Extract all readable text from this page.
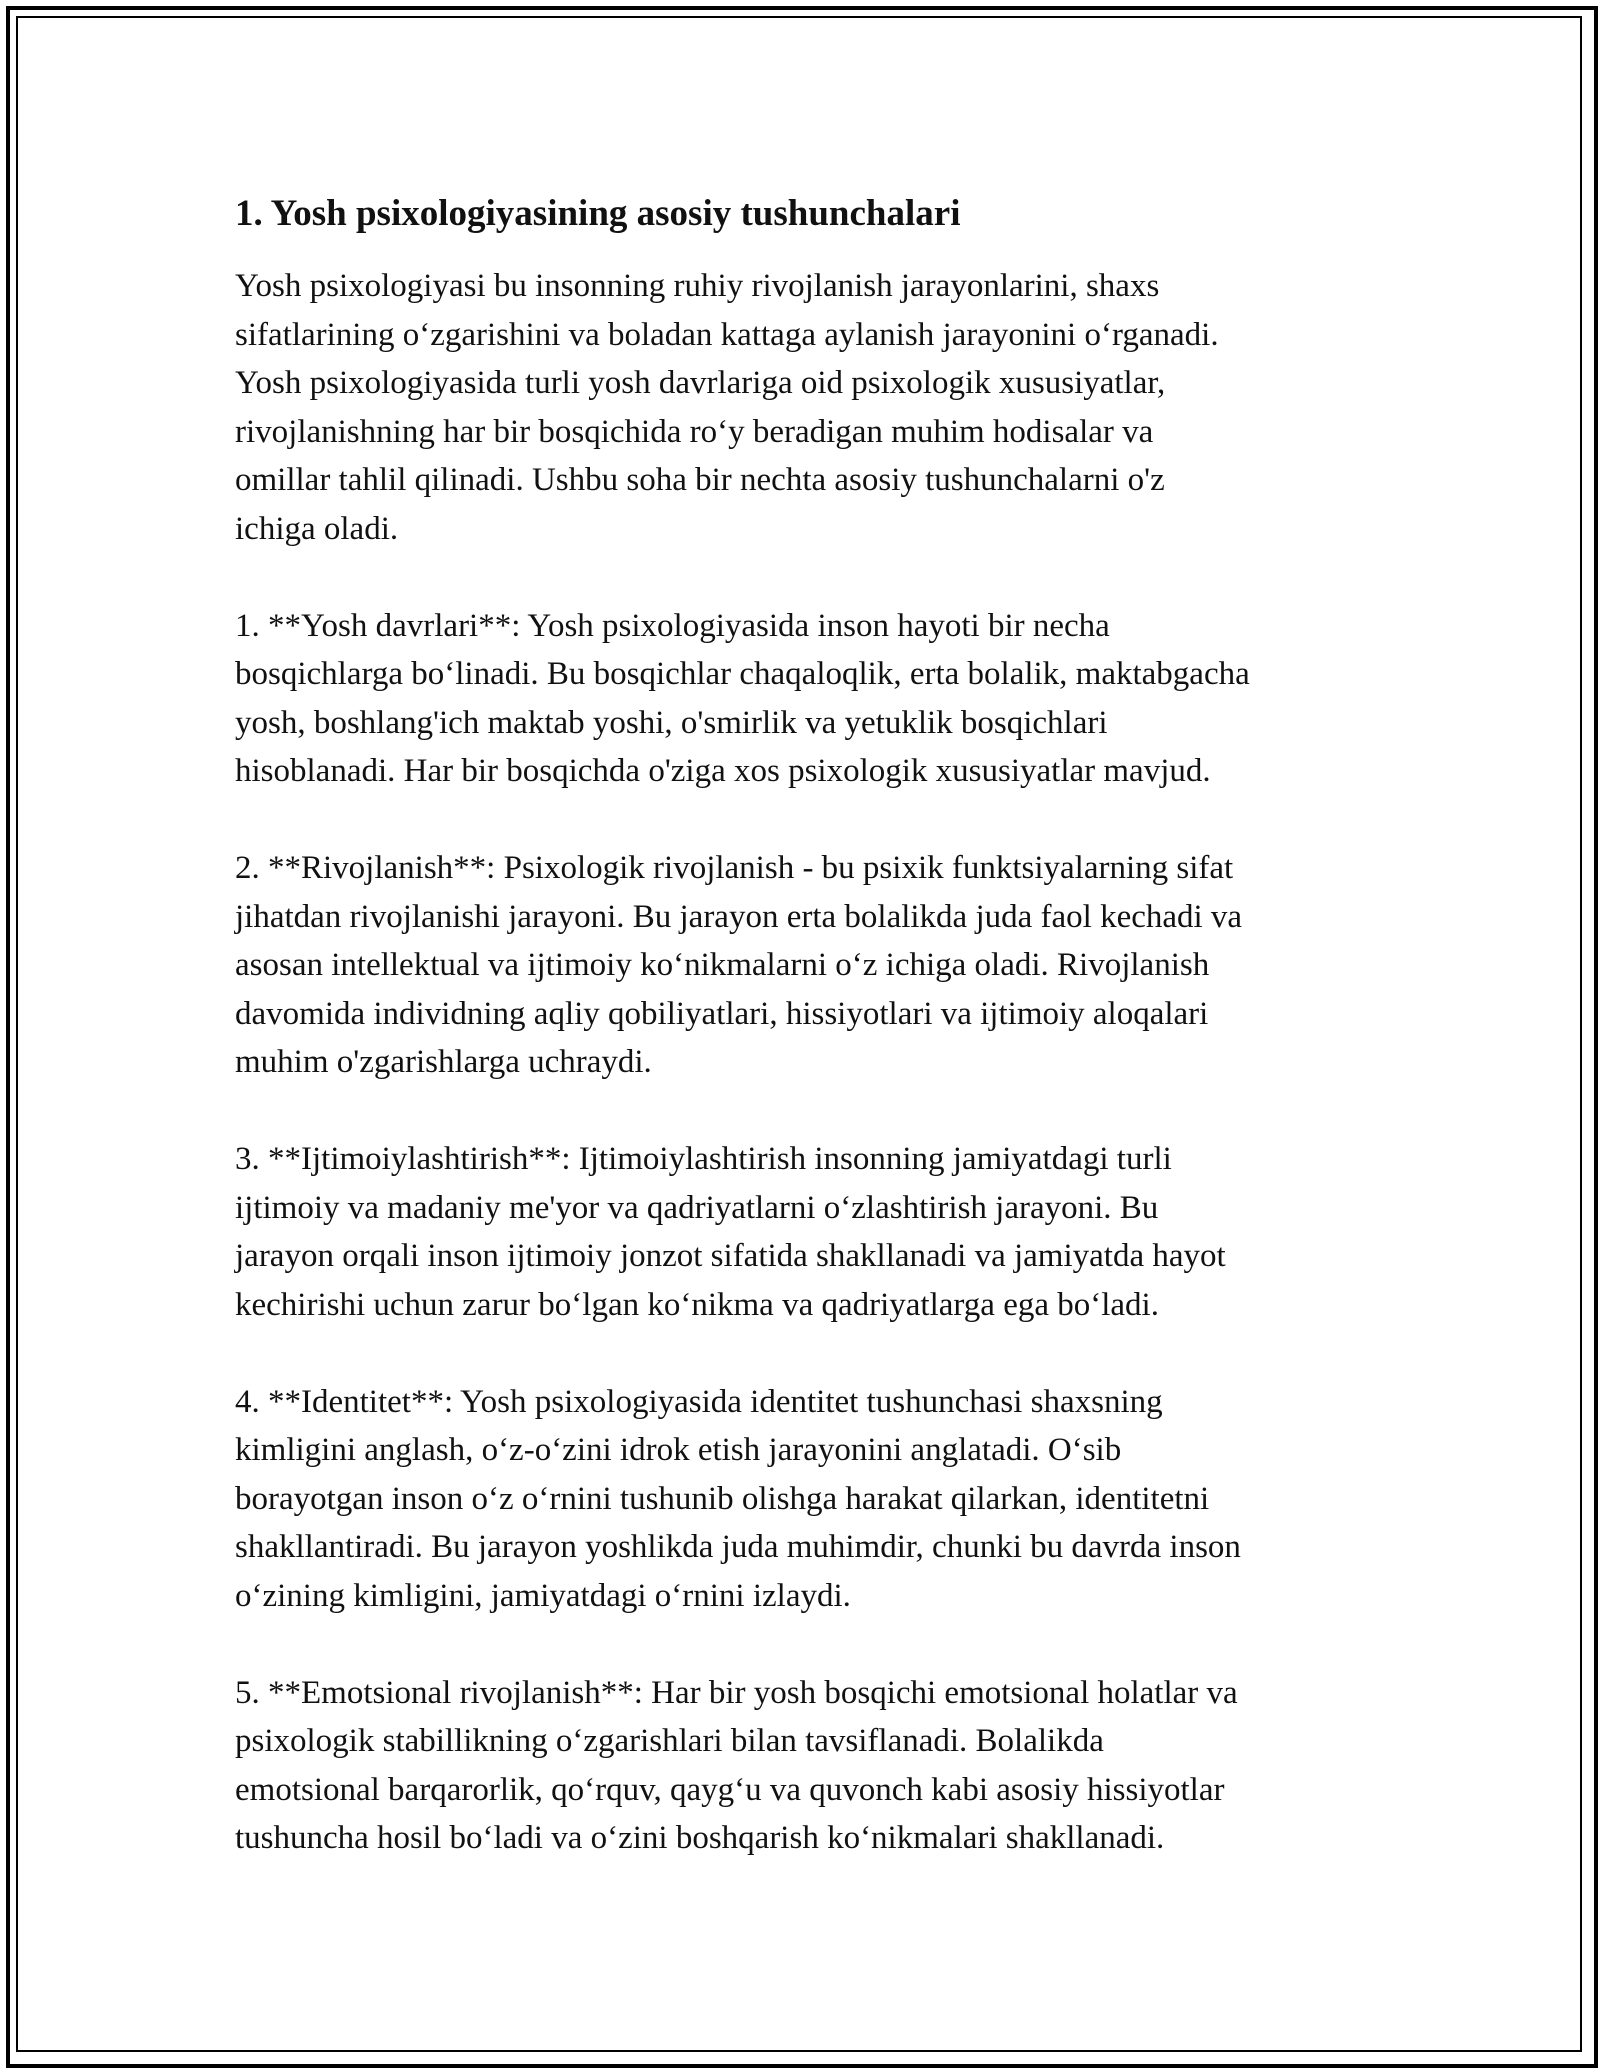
1. Yosh psixologiyasining asosiy tushunchalari

Yosh psixologiyasi bu insonning ruhiy rivojlanish jarayonlarini, shaxs
sifatlarining o‘zgarishini va boladan kattaga aylanish jarayonini o‘rganadi.
Yosh psixologiyasida turli yosh davrlariga oid psixologik xususiyatlar,
rivojlanishning har bir bosqichida ro‘y beradigan muhim hodisalar va
omillar tahlil qilinadi. Ushbu soha bir nechta asosiy tushunchalarni o'z
ichiga oladi.

1. **Yosh davrlari**: Yosh psixologiyasida inson hayoti bir necha
bosqichlarga bo‘linadi. Bu bosqichlar chaqaloqlik, erta bolalik, maktabgacha
yosh, boshlang'ich maktab yoshi, o'smirlik va yetuklik bosqichlari
hisoblanadi. Har bir bosqichda o'ziga xos psixologik xususiyatlar mavjud.

2. **Rivojlanish**: Psixologik rivojlanish - bu psixik funktsiyalarning sifat
jihatdan rivojlanishi jarayoni. Bu jarayon erta bolalikda juda faol kechadi va
asosan intellektual va ijtimoiy ko‘nikmalarni o‘z ichiga oladi. Rivojlanish
davomida individning aqliy qobiliyatlari, hissiyotlari va ijtimoiy aloqalari
muhim o'zgarishlarga uchraydi.

3. **Ijtimoiylashtirish**: Ijtimoiylashtirish insonning jamiyatdagi turli
ijtimoiy va madaniy me'yor va qadriyatlarni o‘zlashtirish jarayoni. Bu
jarayon orqali inson ijtimoiy jonzot sifatida shakllanadi va jamiyatda hayot
kechirishi uchun zarur bo‘lgan ko‘nikma va qadriyatlarga ega bo‘ladi.

4. **Identitet**: Yosh psixologiyasida identitet tushunchasi shaxsning
kimligini anglash, o‘z-o‘zini idrok etish jarayonini anglatadi. O‘sib
borayotgan inson o‘z o‘rnini tushunib olishga harakat qilarkan, identitetni
shakllantiradi. Bu jarayon yoshlikda juda muhimdir, chunki bu davrda inson
o‘zining kimligini, jamiyatdagi o‘rnini izlaydi.

5. **Emotsional rivojlanish**: Har bir yosh bosqichi emotsional holatlar va
psixologik stabillikning o‘zgarishlari bilan tavsiflanadi. Bolalikda
emotsional barqarorlik, qo‘rquv, qayg‘u va quvonch kabi asosiy hissiyotlar
tushuncha hosil bo‘ladi va o‘zini boshqarish ko‘nikmalari shakllanadi.
